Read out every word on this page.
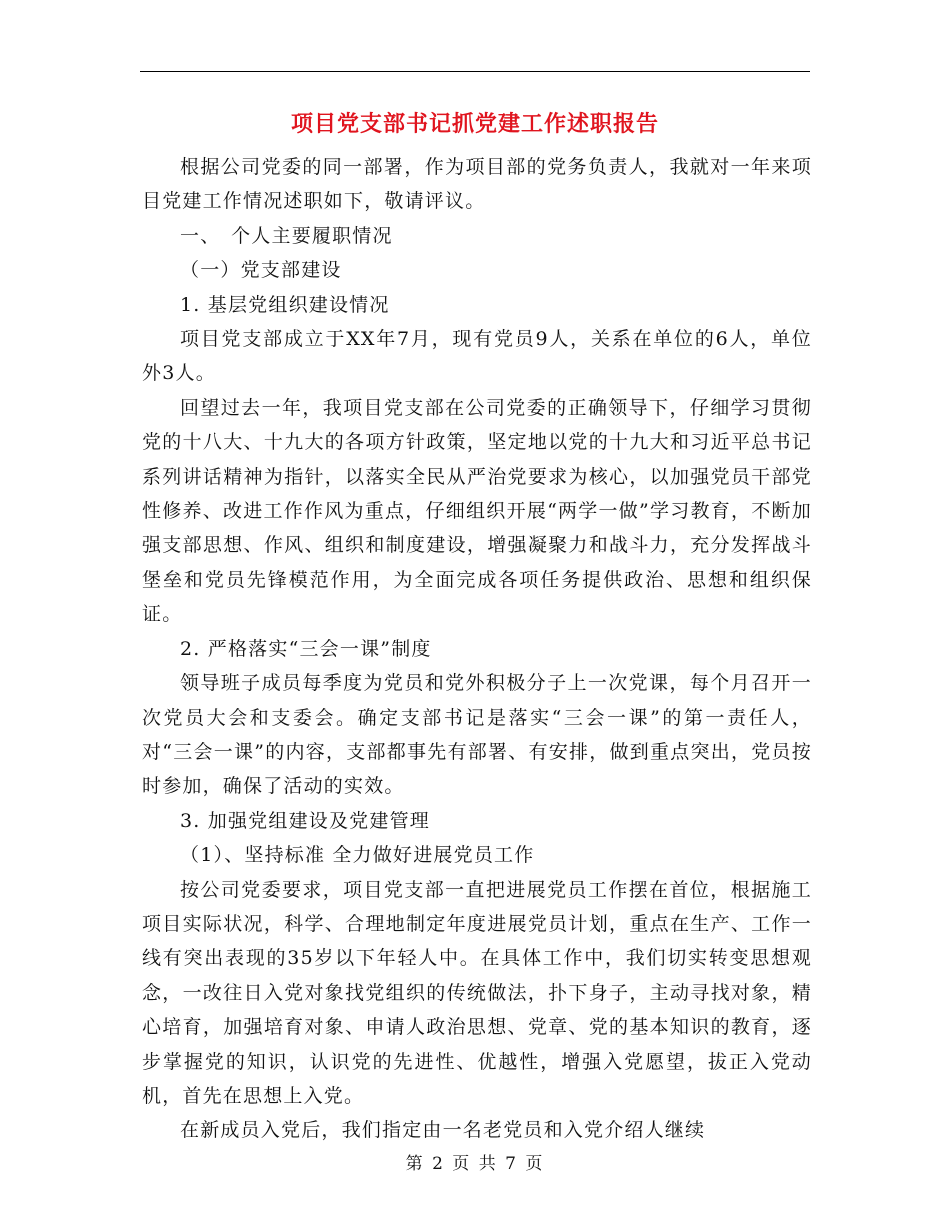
项目党支部书记抓党建工作述职报告

根据公司党委的同一部署，作为项目部的党务负责人，我就对一年来项目党建工作情况述职如下，敬请评议。

一、　个人主要履职情况

（一）党支部建设

1. 基层党组织建设情况

项目党支部成立于XX年7月，现有党员9人，关系在单位的6人，单位外3人。

回望过去一年，我项目党支部在公司党委的正确领导下，仔细学习贯彻党的十八大、十九大的各项方针政策，坚定地以党的十九大和习近平总书记系列讲话精神为指针，以落实全民从严治党要求为核心，以加强党员干部党性修养、改进工作作风为重点，仔细组织开展“两学一做”学习教育，不断加强支部思想、作风、组织和制度建设，增强凝聚力和战斗力，充分发挥战斗堡垒和党员先锋模范作用，为全面完成各项任务提供政治、思想和组织保证。

2. 严格落实“三会一课”制度

领导班子成员每季度为党员和党外积极分子上一次党课，每个月召开一次党员大会和支委会。确定支部书记是落实“三会一课”的第一责任人，对“三会一课”的内容，支部都事先有部署、有安排，做到重点突出，党员按时参加，确保了活动的实效。

3. 加强党组建设及党建管理

（1）、坚持标准 全力做好进展党员工作

按公司党委要求，项目党支部一直把进展党员工作摆在首位，根据施工项目实际状况，科学、合理地制定年度进展党员计划，重点在生产、工作一线有突出表现的35岁以下年轻人中。在具体工作中，我们切实转变思想观念，一改往日入党对象找党组织的传统做法，扑下身子，主动寻找对象，精心培育，加强培育对象、申请人政治思想、党章、党的基本知识的教育，逐步掌握党的知识，认识党的先进性、优越性，增强入党愿望，拔正入党动机，首先在思想上入党。

在新成员入党后，我们指定由一名老党员和入党介绍人继续

第 2 页 共 7 页
